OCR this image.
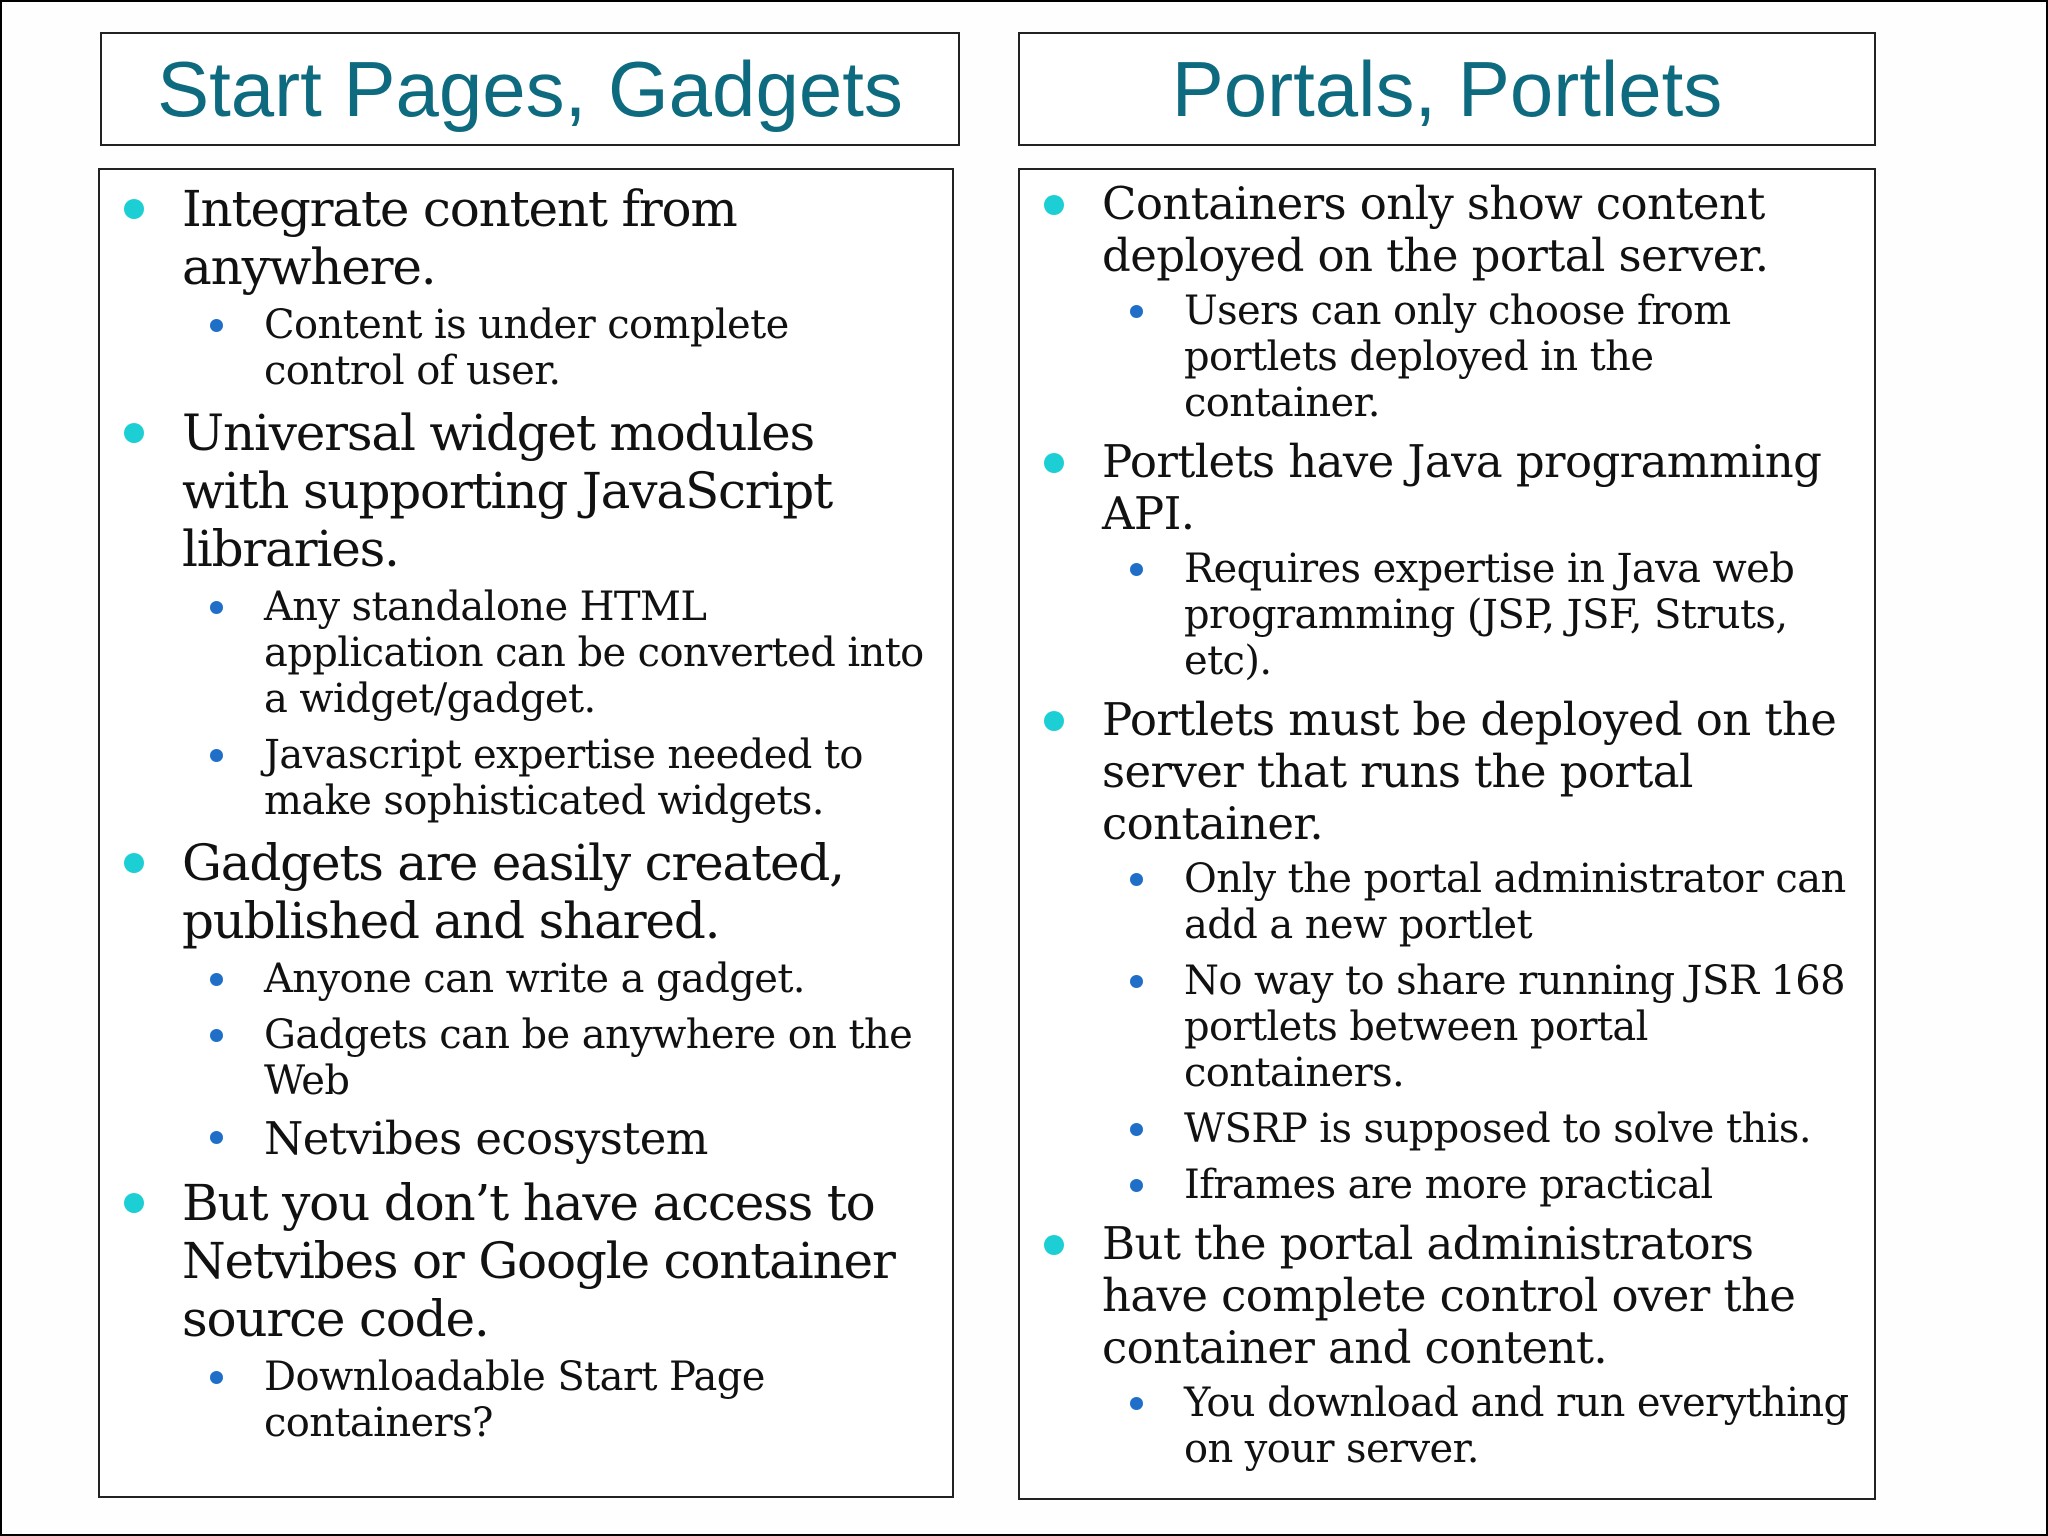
Start Pages, Gadgets
Integrate content from anywhere.
Content is under complete control of user.
Universal widget modules with supporting JavaScript libraries.
Any standalone HTML application can be converted into a widget/gadget.
Javascript expertise needed to make sophisticated widgets.
Gadgets are easily created, published and shared.
Anyone can write a gadget.
Gadgets can be anywhere on the Web
Netvibes ecosystem
But you don’t have access to Netvibes or Google container source code.
Downloadable Start Page containers?
Portals, Portlets
Containers only show content deployed on the portal server.
Users can only choose from portlets deployed in the container.
Portlets have Java programming API.
Requires expertise in Java web programming (JSP, JSF, Struts, etc).
Portlets must be deployed on the server that runs the portal container.
Only the portal administrator can add a new portlet
No way to share running JSR 168 portlets between portal containers.
WSRP is supposed to solve this.
Iframes are more practical
But the portal administrators have complete control over the container and content.
You download and run everything on your server.
